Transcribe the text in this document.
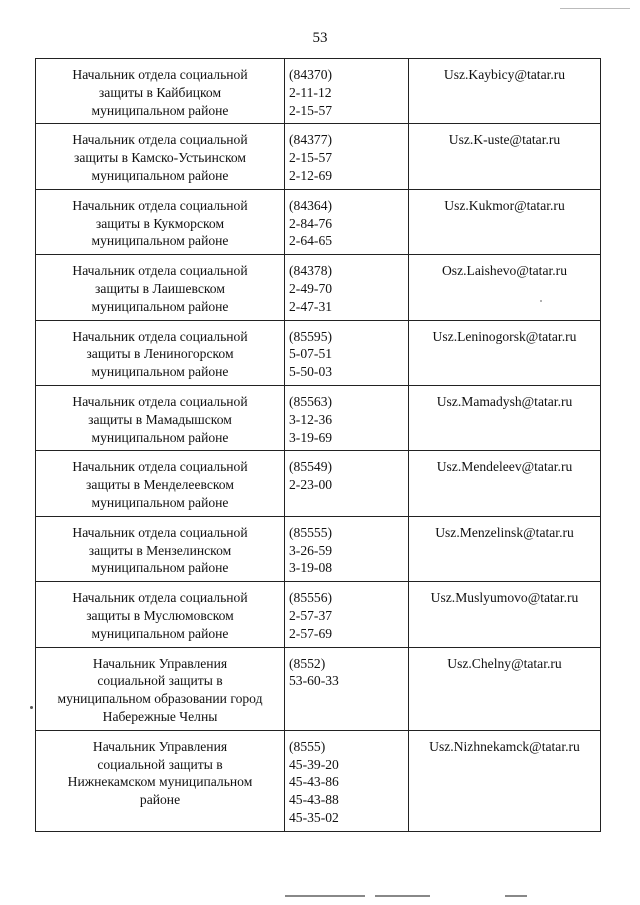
53
Начальник отдела социальной
защиты в Кайбицком
муниципальном районе	(84370)
2-11-12
2-15-57	Usz.Kaybicy@tatar.ru

Начальник отдела социальной
защиты в Камско-Устьинском
муниципальном районе	(84377)
2-15-57
2-12-69	Usz.K-uste@tatar.ru

Начальник отдела социальной
защиты в Кукморском
муниципальном районе	(84364)
2-84-76
2-64-65	Usz.Kukmor@tatar.ru

Начальник отдела социальной
защиты в Лаишевском
муниципальном районе	(84378)
2-49-70
2-47-31	Osz.Laishevo@tatar.ru

Начальник отдела социальной
защиты в Лениногорском
муниципальном районе	(85595)
5-07-51
5-50-03	Usz.Leninogorsk@tatar.ru

Начальник отдела социальной
защиты в Мамадышском
муниципальном районе	(85563)
3-12-36
3-19-69	Usz.Mamadysh@tatar.ru

Начальник отдела социальной
защиты в Менделеевском
муниципальном районе	(85549)
2-23-00	Usz.Mendeleev@tatar.ru

Начальник отдела социальной
защиты в Мензелинском
муниципальном районе	(85555)
3-26-59
3-19-08	Usz.Menzelinsk@tatar.ru

Начальник отдела социальной
защиты в Муслюмовском
муниципальном районе	(85556)
2-57-37
2-57-69	Usz.Muslyumovo@tatar.ru

Начальник Управления
социальной защиты в
муниципальном образовании город
Набережные Челны	(8552)
53-60-33	Usz.Chelny@tatar.ru

Начальник Управления
социальной защиты в
Нижнекамском муниципальном
районе	(8555)
45-39-20
45-43-86
45-43-88
45-35-02	Usz.Nizhnekamck@tatar.ru
